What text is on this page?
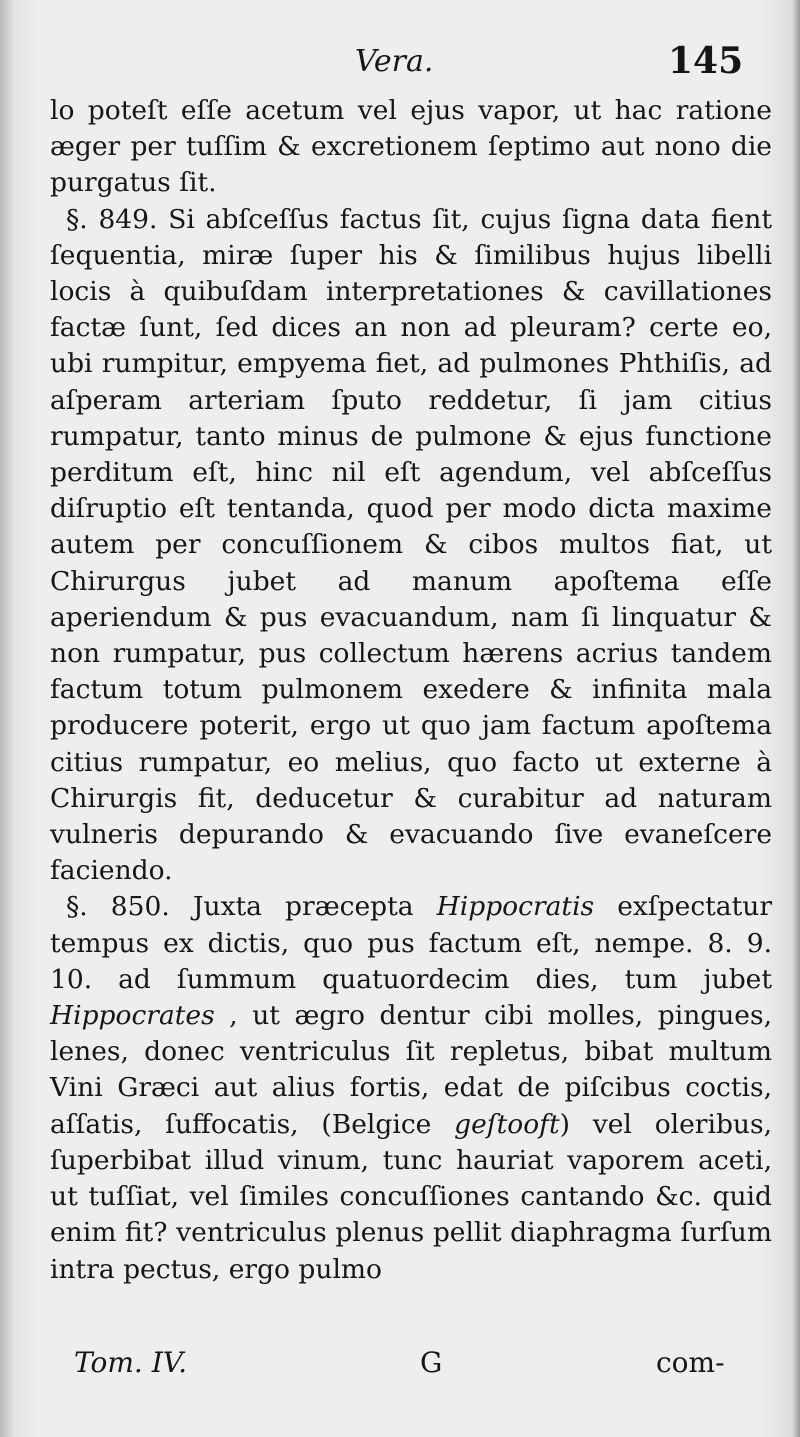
Vera.	145

lo poteſt eſſe acetum vel ejus vapor, ut hac ratione æger per tuſſim & excretionem ſeptimo aut nono die purgatus ſit.

§. 849. Si abſceſſus factus ſit, cujus ſigna data fient ſequentia, miræ ſuper his & ſimilibus hujus libelli locis à quibuſdam interpretationes & cavillationes factæ ſunt, ſed dices an non ad pleuram? certe eo, ubi rumpitur, empyema fiet, ad pulmones Phthiſis, ad aſperam arteriam ſputo reddetur, ſi jam citius rumpatur, tanto minus de pulmone & ejus functione perditum eſt, hinc nil eſt agendum, vel abſceſſus diſruptio eſt tentanda, quod per modo dicta maxime autem per concuſſionem & cibos multos fiat, ut Chirurgus jubet ad manum apoſtema eſſe aperiendum & pus evacuandum, nam ſi linquatur & non rumpatur, pus collectum hærens acrius tandem factum totum pulmonem exedere & infinita mala producere poterit, ergo ut quo jam factum apoſtema citius rumpatur, eo melius, quo facto ut externe à Chirurgis fit, deducetur & curabitur ad naturam vulneris depurando & evacuando ſive evaneſcere faciendo.

§. 850. Juxta præcepta Hippocratis exſpectatur tempus ex dictis, quo pus factum eſt, nempe. 8. 9. 10. ad ſummum quatuordecim dies, tum jubet Hippocrates , ut ægro dentur cibi molles, pingues, lenes, donec ventriculus ſit repletus, bibat multum Vini Græci aut alius fortis, edat de piſcibus coctis, aſſatis, ſuffocatis, (Belgice geſtooft) vel oleribus, ſuperbibat illud vinum, tunc hauriat vaporem aceti, ut tuſſiat, vel ſimiles concuſſiones cantando &c. quid enim fit? ventriculus plenus pellit diaphragma ſurſum intra pectus, ergo pulmo

Tom. IV.	G	com-
